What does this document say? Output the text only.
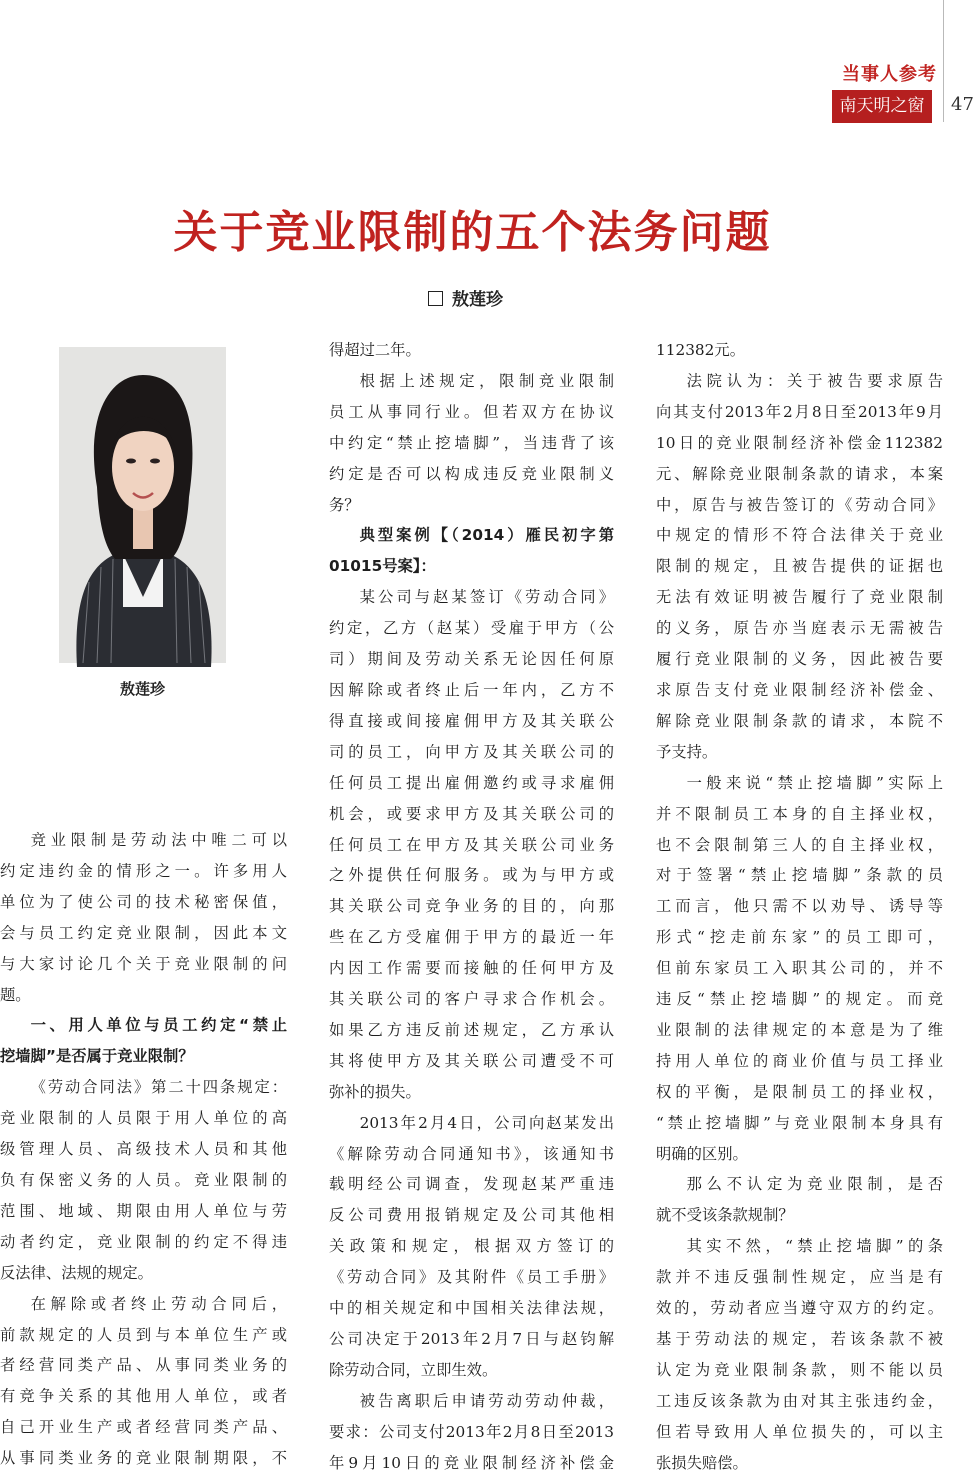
当事人参考
南天明之窗	47
关于竞业限制的五个法务问题
敖莲珍
敖莲珍

竞业限制是劳动法中唯二可以

约定违约金的情形之一。许多用人

单位为了使公司的技术秘密保值，

会与员工约定竞业限制，因此本文

与大家讨论几个关于竞业限制的问

题。

一、用人单位与员工约定“禁止

挖墙脚”是否属于竞业限制？

《劳动合同法》第二十四条规定：

竞业限制的人员限于用人单位的高

级管理人员、高级技术人员和其他

负有保密义务的人员。竞业限制的

范围、地域、期限由用人单位与劳

动者约定，竞业限制的约定不得违

反法律、法规的规定。

在解除或者终止劳动合同后，

前款规定的人员到与本单位生产或

者经营同类产品、从事同类业务的

有竞争关系的其他用人单位，或者

自己开业生产或者经营同类产品、

从事同类业务的竞业限制期限，不

得超过二年。

根据上述规定，限制竞业限制

员工从事同行业。但若双方在协议

中约定“禁止挖墙脚”，当违背了该

约定是否可以构成违反竞业限制义

务？

典型案例【（2014）雁民初字第

01015号案】：

某公司与赵某签订《劳动合同》

约定，乙方（赵某）受雇于甲方（公

司）期间及劳动关系无论因任何原

因解除或者终止后一年内，乙方不

得直接或间接雇佣甲方及其关联公

司的员工，向甲方及其关联公司的

任何员工提出雇佣邀约或寻求雇佣

机会，或要求甲方及其关联公司的

任何员工在甲方及其关联公司业务

之外提供任何服务。或为与甲方或

其关联公司竞争业务的目的，向那

些在乙方受雇佣于甲方的最近一年

内因工作需要而接触的任何甲方及

其关联公司的客户寻求合作机会。

如果乙方违反前述规定，乙方承认

其将使甲方及其关联公司遭受不可

弥补的损失。

2013年2月4日，公司向赵某发出

《解除劳动合同通知书》，该通知书

载明经公司调查，发现赵某严重违

反公司费用报销规定及公司其他相

关政策和规定，根据双方签订的

《劳动合同》及其附件《员工手册》

中的相关规定和中国相关法律法规，

公司决定于2013年2月7日与赵钧解

除劳动合同，立即生效。

被告离职后申请劳动劳动仲裁，

要求：公司支付2013年2月8日至2013

年9月10日的竞业限制经济补偿金

112382元。

法院认为：关于被告要求原告

向其支付2013年2月8日至2013年9月

10日的竞业限制经济补偿金112382

元、解除竞业限制条款的请求，本案

中，原告与被告签订的《劳动合同》

中规定的情形不符合法律关于竞业

限制的规定，且被告提供的证据也

无法有效证明被告履行了竞业限制

的义务，原告亦当庭表示无需被告

履行竞业限制的义务，因此被告要

求原告支付竞业限制经济补偿金、

解除竞业限制条款的请求，本院不

予支持。

一般来说“禁止挖墙脚”实际上

并不限制员工本身的自主择业权，

也不会限制第三人的自主择业权，

对于签署“禁止挖墙脚”条款的员

工而言，他只需不以劝导、诱导等

形式“挖走前东家”的员工即可，

但前东家员工入职其公司的，并不

违反“禁止挖墙脚”的规定。而竞

业限制的法律规定的本意是为了维

持用人单位的商业价值与员工择业

权的平衡，是限制员工的择业权，

“禁止挖墙脚”与竞业限制本身具有

明确的区别。

那么不认定为竞业限制，是否

就不受该条款规制？

其实不然，“禁止挖墙脚”的条

款并不违反强制性规定，应当是有

效的，劳动者应当遵守双方的约定。

基于劳动法的规定，若该条款不被

认定为竞业限制条款，则不能以员

工违反该条款为由对其主张违约金，

但若导致用人单位损失的，可以主

张损失赔偿。
